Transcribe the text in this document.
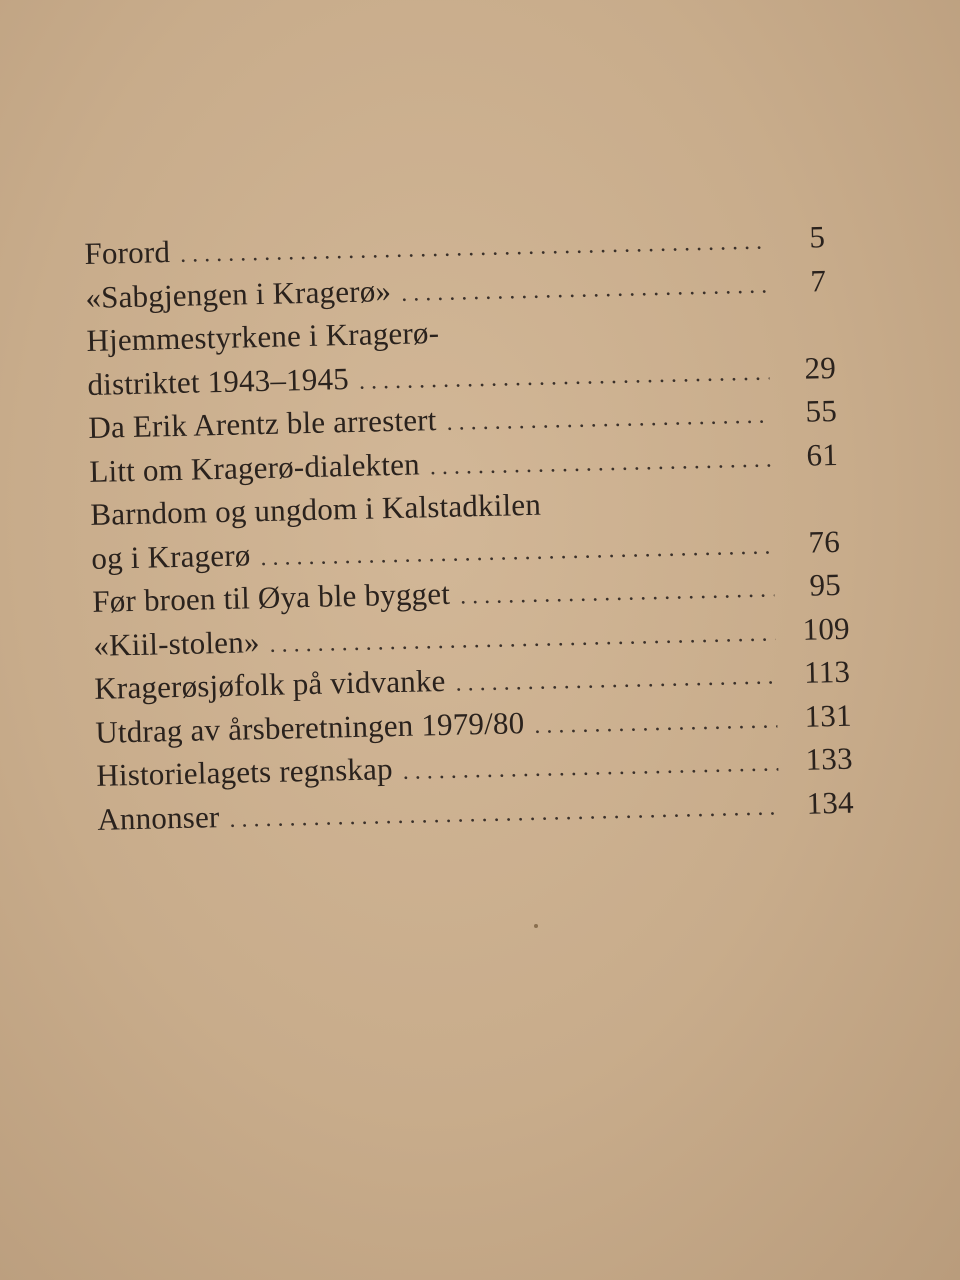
Forord . . .	5
«Sabgjengen i Kragerø» . . .	7
Hjemmestyrkene i Kragerø-
distriktet 1943–1945 . . .	29
Da Erik Arentz ble arrestert . . .	55
Litt om Kragerø-dialekten . . .	61
Barndom og ungdom i Kalstadkilen
og i Kragerø . . .	76
Før broen til Øya ble bygget . . .	95
«Kiil-stolen» . . .	109
Kragerøsjøfolk på vidvanke . . .	113
Utdrag av årsberetningen 1979/80 . . .	131
Historielagets regnskap . . .	133
Annonser . . .	134
